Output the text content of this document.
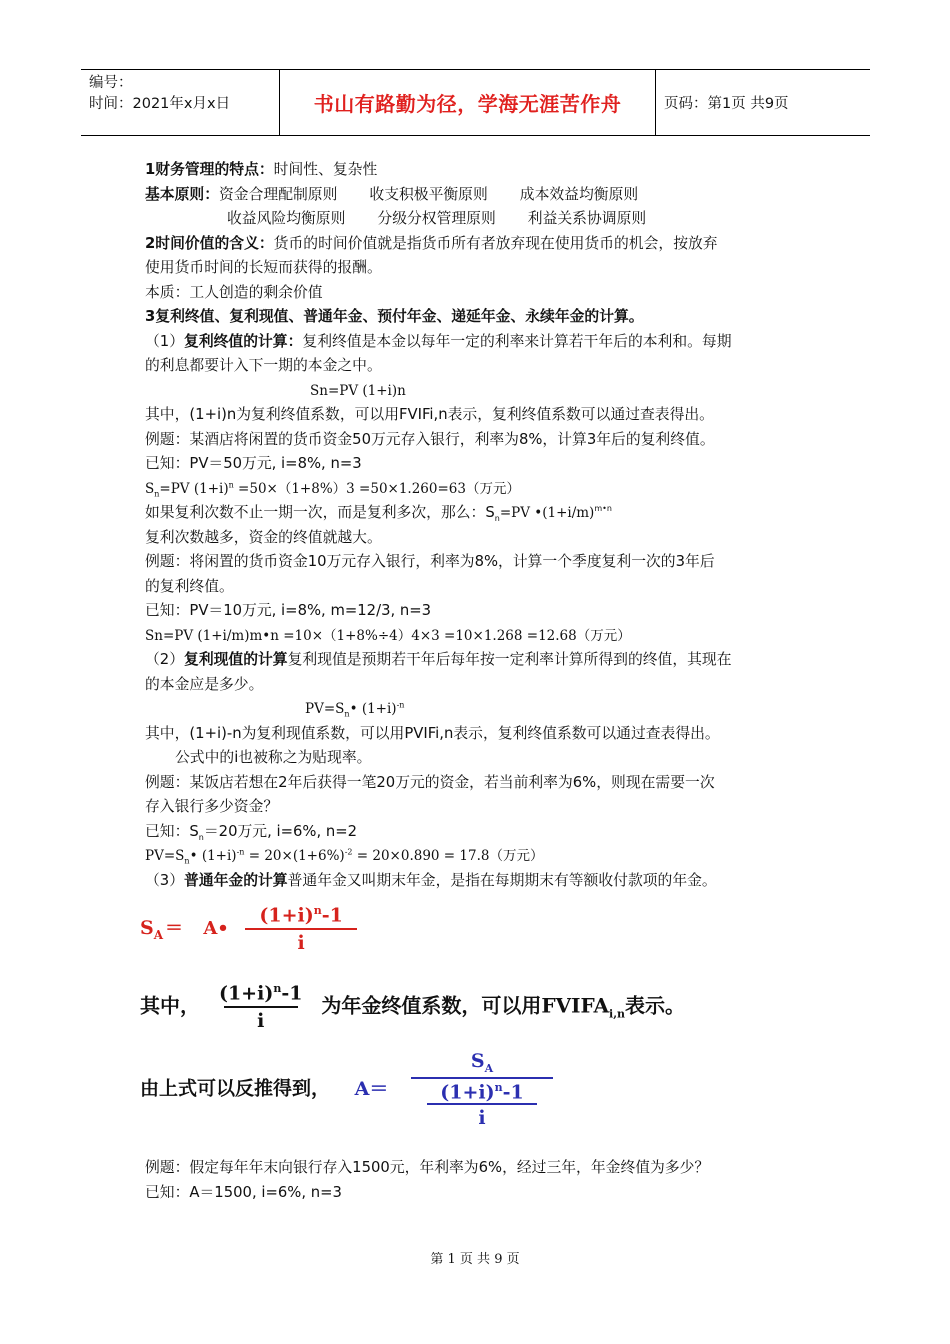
编号：
时间：2021年x月x日	书山有路勤为径，学海无涯苦作舟	页码：第1页 共9页
1财务管理的特点：时间性、复杂性
基本原则：资金合理配制原则 收支积极平衡原则 成本效益均衡原则
收益风险均衡原则 分级分权管理原则 利益关系协调原则
2时间价值的含义：货币的时间价值就是指货币所有者放弃现在使用货币的机会，按放弃
使用货币时间的长短而获得的报酬。
本质：工人创造的剩余价值
3复利终值、复利现值、普通年金、预付年金、递延年金、永续年金的计算。
（1）复利终值的计算：复利终值是本金以每年一定的利率来计算若干年后的本利和。每期
的利息都要计入下一期的本金之中。
Sn=PV (1+i)n
其中，(1+i)n为复利终值系数，可以用FVIFi,n表示，复利终值系数可以通过查表得出。
例题：某酒店将闲置的货币资金50万元存入银行，利率为8%，计算3年后的复利终值。
已知：PV＝50万元, i=8%, n=3
$S_n=PV$ $(1+i)^n =50\times(1+8\%)3 =50\times 1.260=63$（万元）
如果复利次数不止一期一次，而是复利多次，那么：$S_n=PV$ $•(1+i/m)^{m•n}$
复利次数越多，资金的终值就越大。
例题：将闲置的货币资金10万元存入银行，利率为8%，计算一个季度复利一次的3年后
的复利终值。
已知：PV＝10万元, i=8%, m=12/3, n=3
Sn=PV (1+i/m)m•n =10×（1+8%÷4）4×3 =10×1.268 =12.68（万元）
（2）复利现值的计算复利现值是预期若干年后每年按一定利率计算所得到的终值，其现在
的本金应是多少。
$PV=S_n•$ $(1+i)^{-n}$
其中，(1+i)-n为复利现值系数，可以用PVIFi,n表示，复利终值系数可以通过查表得出。
公式中的i也被称之为贴现率。
例题：某饭店若想在2年后获得一笔20万元的资金，若当前利率为6%，则现在需要一次
存入银行多少资金？
已知：$S_n=20$万元, i=6%, n=2
$PV=S_n•$ $(1+i)^{-n} = 20\times(1+6\%)^{-2} = 20\times 0.890 = 17.8$（万元）
（3）普通年金的计算普通年金又叫期末年金，是指在每期期末有等额收付款项的年金。
$S_A$ ＝ A• $\frac{(1+i)^n-1}{i}$
其中， $\frac{(1+i)^n-1}{i}$ 为年金终值系数，可以用$FVIFA_{i,n}$表示。
由上式可以反推得到， A＝
$S_A$
$(1+i)^n-1$
i
例题：假定每年年末向银行存入1500元，年利率为6%，经过三年，年金终值为多少？
已知：A＝1500, i=6%, n=3
第 1 页 共 9 页
